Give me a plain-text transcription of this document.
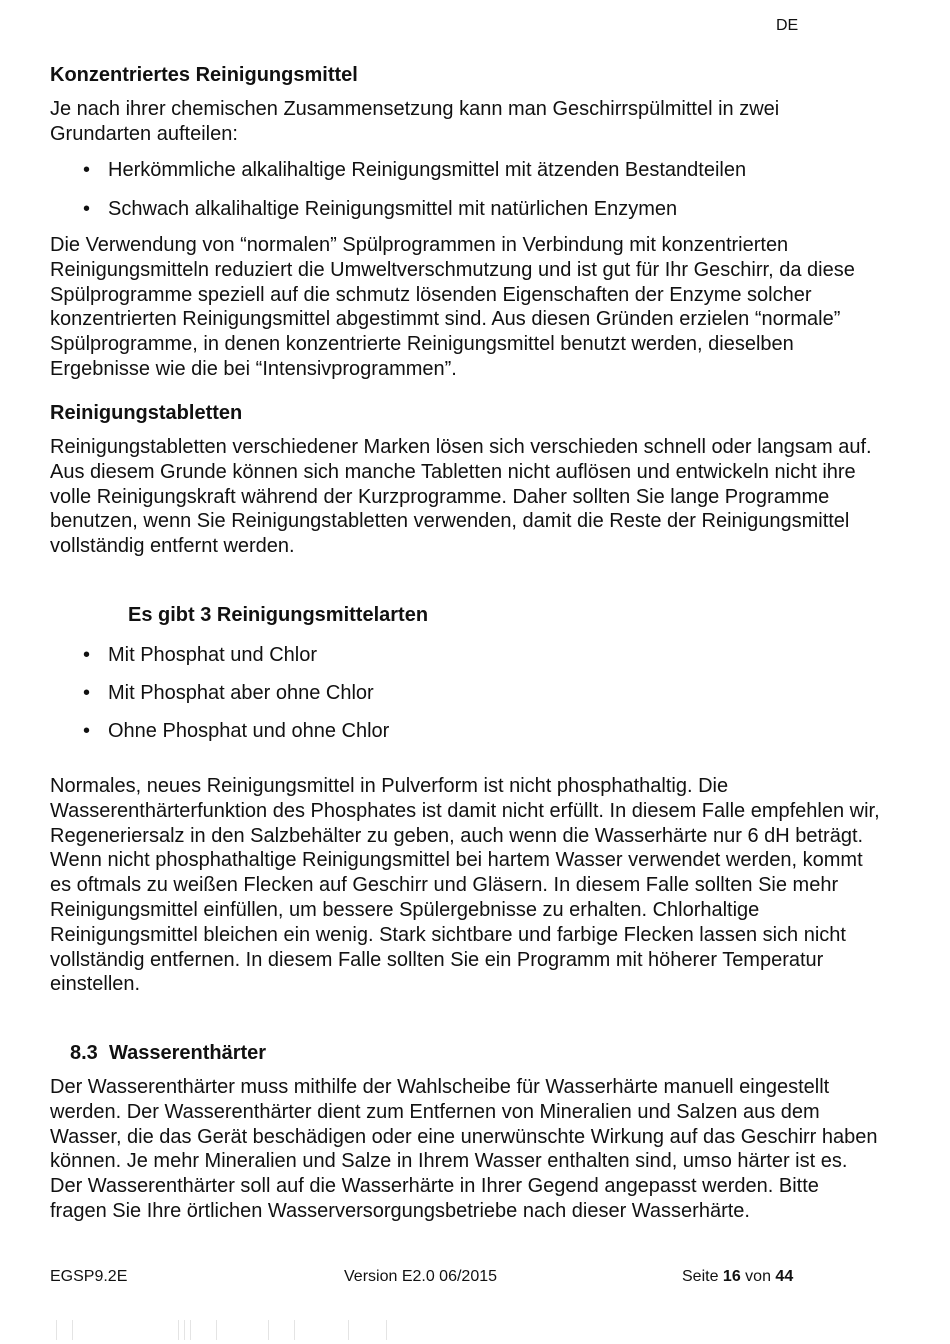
DE
Konzentriertes Reinigungsmittel

Je nach ihrer chemischen Zusammensetzung kann man Geschirrspülmittel in zwei Grundarten aufteilen:

• Herkömmliche alkalihaltige Reinigungsmittel mit ätzenden Bestandteilen
• Schwach alkalihaltige Reinigungsmittel mit natürlichen Enzymen

Die Verwendung von “normalen” Spülprogrammen in Verbindung mit konzentrierten Reinigungsmitteln reduziert die Umweltverschmutzung und ist gut für Ihr Geschirr, da diese Spülprogramme speziell auf die schmutz lösenden Eigenschaften der Enzyme solcher konzentrierten Reinigungsmittel abgestimmt sind. Aus diesen Gründen erzielen “normale” Spülprogramme, in denen konzentrierte Reinigungsmittel benutzt werden, dieselben Ergebnisse wie die bei “Intensivprogrammen”.

Reinigungstabletten

Reinigungstabletten verschiedener Marken lösen sich verschieden schnell oder langsam auf. Aus diesem Grunde können sich manche Tabletten nicht auflösen und entwickeln nicht ihre volle Reinigungskraft während der Kurzprogramme. Daher sollten Sie lange Programme benutzen, wenn Sie Reinigungstabletten verwenden, damit die Reste der Reinigungsmittel vollständig entfernt werden.

Es gibt 3 Reinigungsmittelarten
• Mit Phosphat und Chlor
• Mit Phosphat aber ohne Chlor
• Ohne Phosphat und ohne Chlor

Normales, neues Reinigungsmittel in Pulverform ist nicht phosphathaltig. Die Wasserenthärterfunktion des Phosphates ist damit nicht erfüllt. In diesem Falle empfehlen wir, Regeneriersalz in den Salzbehälter zu geben, auch wenn die Wasserhärte nur 6 dH beträgt. Wenn nicht phosphathaltige Reinigungsmittel bei hartem Wasser verwendet werden, kommt es oftmals zu weißen Flecken auf Geschirr und Gläsern. In diesem Falle sollten Sie mehr Reinigungsmittel einfüllen, um bessere Spülergebnisse zu erhalten. Chlorhaltige Reinigungsmittel bleichen ein wenig. Stark sichtbare und farbige Flecken lassen sich nicht vollständig entfernen. In diesem Falle sollten Sie ein Programm mit höherer Temperatur einstellen.

8.3 Wasserenthärter

Der Wasserenthärter muss mithilfe der Wahlscheibe für Wasserhärte manuell eingestellt werden. Der Wasserenthärter dient zum Entfernen von Mineralien und Salzen aus dem Wasser, die das Gerät beschädigen oder eine unerwünschte Wirkung auf das Geschirr haben können. Je mehr Mineralien und Salze in Ihrem Wasser enthalten sind, umso härter ist es. Der Wasserenthärter soll auf die Wasserhärte in Ihrer Gegend angepasst werden. Bitte fragen Sie Ihre örtlichen Wasserversorgungsbetriebe nach dieser Wasserhärte.

EGSP9.2E	Version E2.0 06/2015	Seite 16 von 44
